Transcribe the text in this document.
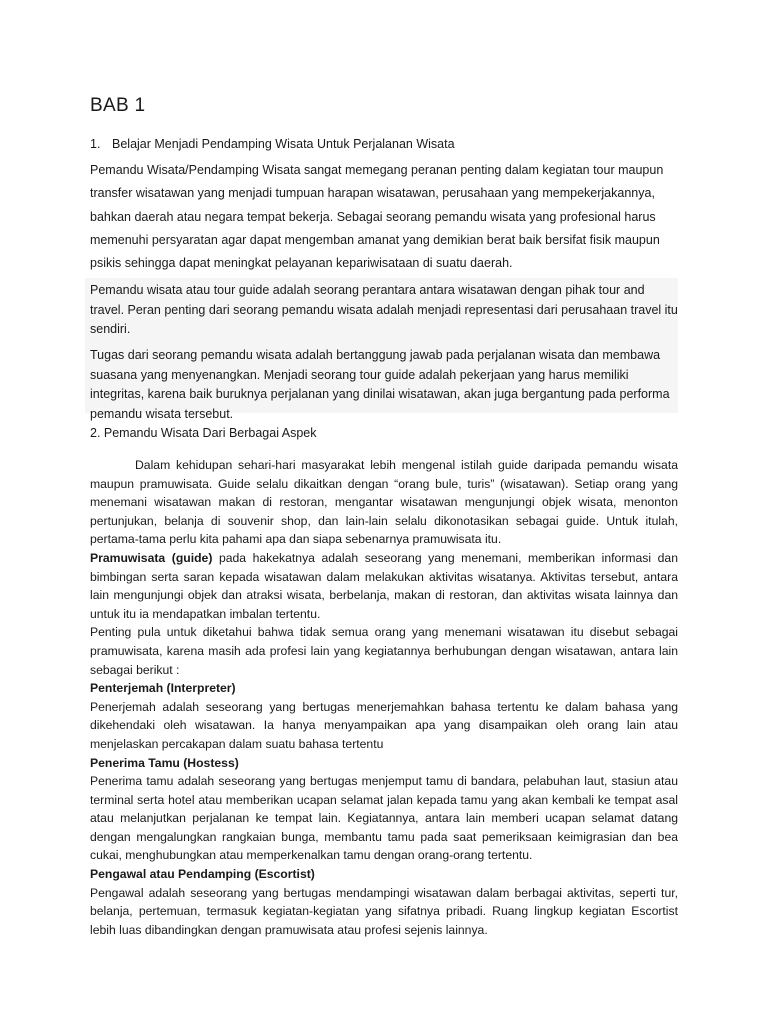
BAB 1
1. Belajar Menjadi Pendamping Wisata Untuk Perjalanan Wisata
Pemandu Wisata/Pendamping Wisata sangat memegang peranan penting dalam kegiatan tour maupun transfer wisatawan yang menjadi tumpuan harapan wisatawan, perusahaan yang mempekerjakannya, bahkan daerah atau negara tempat bekerja. Sebagai seorang pemandu wisata yang profesional harus memenuhi persyaratan agar dapat mengemban amanat yang demikian berat baik bersifat fisik maupun psikis sehingga dapat meningkat pelayanan kepariwisataan di suatu daerah.
Pemandu wisata atau tour guide adalah seorang perantara antara wisatawan dengan pihak tour and travel. Peran penting dari seorang pemandu wisata adalah menjadi representasi dari perusahaan travel itu sendiri.
Tugas dari seorang pemandu wisata adalah bertanggung jawab pada perjalanan wisata dan membawa suasana yang menyenangkan. Menjadi seorang tour guide adalah pekerjaan yang harus memiliki integritas, karena baik buruknya perjalanan yang dinilai wisatawan, akan juga bergantung pada performa pemandu wisata tersebut.
2. Pemandu Wisata Dari Berbagai Aspek

Dalam kehidupan sehari-hari masyarakat lebih mengenal istilah guide daripada pemandu wisata maupun pramuwisata. Guide selalu dikaitkan dengan “orang bule, turis” (wisatawan). Setiap orang yang menemani wisatawan makan di restoran, mengantar wisatawan mengunjungi objek wisata, menonton pertunjukan, belanja di souvenir shop, dan lain-lain selalu dikonotasikan sebagai guide. Untuk itulah, pertama-tama perlu kita pahami apa dan siapa sebenarnya pramuwisata itu.

Pramuwisata (guide) pada hakekatnya adalah seseorang yang menemani, memberikan informasi dan bimbingan serta saran kepada wisatawan dalam melakukan aktivitas wisatanya. Aktivitas tersebut, antara lain mengunjungi objek dan atraksi wisata, berbelanja, makan di restoran, dan aktivitas wisata lainnya dan untuk itu ia mendapatkan imbalan tertentu.

Penting pula untuk diketahui bahwa tidak semua orang yang menemani wisatawan itu disebut sebagai pramuwisata, karena masih ada profesi lain yang kegiatannya berhubungan dengan wisatawan, antara lain sebagai berikut :

Penterjemah (Interpreter)

Penerjemah adalah seseorang yang bertugas menerjemahkan bahasa tertentu ke dalam bahasa yang dikehendaki oleh wisatawan. Ia hanya menyampaikan apa yang disampaikan oleh orang lain atau menjelaskan percakapan dalam suatu bahasa tertentu

Penerima Tamu (Hostess)

Penerima tamu adalah seseorang yang bertugas menjemput tamu di bandara, pelabuhan laut, stasiun atau terminal serta hotel atau memberikan ucapan selamat jalan kepada tamu yang akan kembali ke tempat asal atau melanjutkan perjalanan ke tempat lain. Kegiatannya, antara lain memberi ucapan selamat datang dengan mengalungkan rangkaian bunga, membantu tamu pada saat pemeriksaan keimigrasian dan bea cukai, menghubungkan atau memperkenalkan tamu dengan orang-orang tertentu.

Pengawal atau Pendamping (Escortist)

Pengawal adalah seseorang yang bertugas mendampingi wisatawan dalam berbagai aktivitas, seperti tur, belanja, pertemuan, termasuk kegiatan-kegiatan yang sifatnya pribadi. Ruang lingkup kegiatan Escortist lebih luas dibandingkan dengan pramuwisata atau profesi sejenis lainnya.
